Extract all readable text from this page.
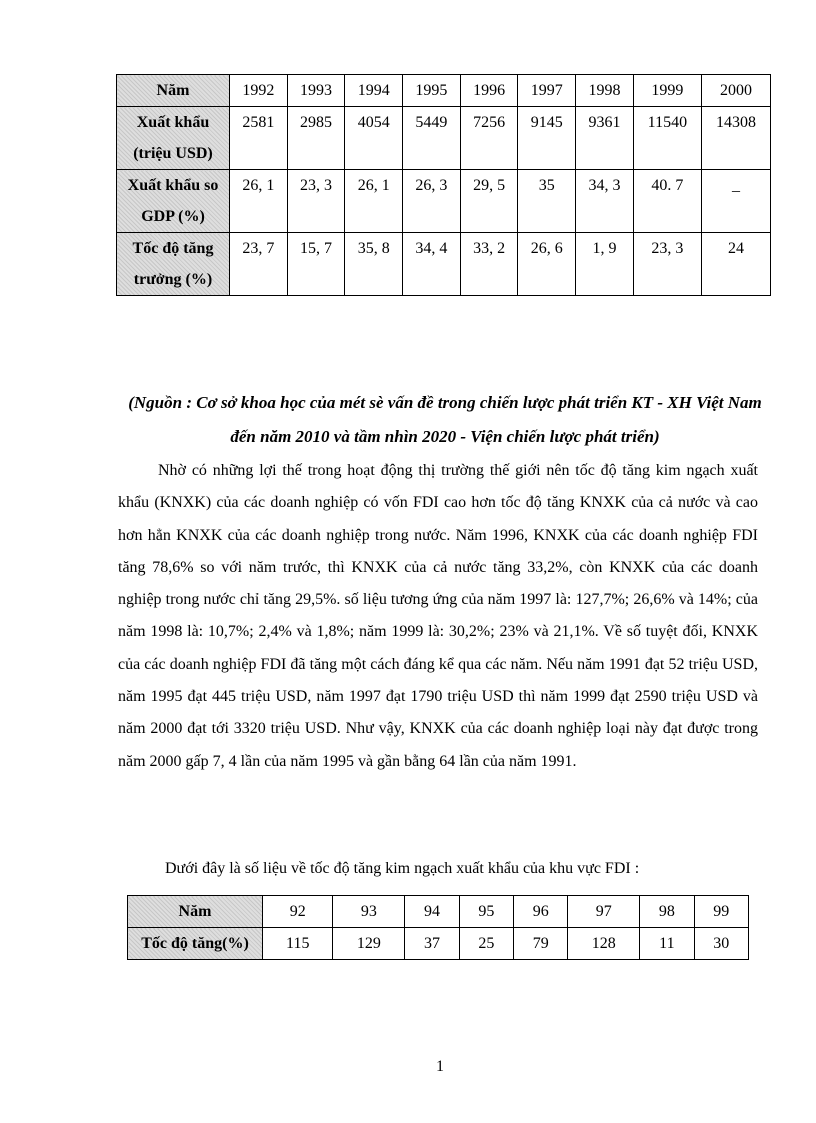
Năm	1992	1993	1994	1995	1996	1997	1998	1999	2000
Xuất khẩu (triệu USD)	2581	2985	4054	5449	7256	9145	9361	11540	14308
Xuất khẩu so GDP (%)	26, 1	23, 3	26, 1	26, 3	29, 5	35	34, 3	40. 7	_
Tốc độ tăng trưởng (%)	23, 7	15, 7	35, 8	34, 4	33, 2	26, 6	1, 9	23, 3	24
(Nguồn : Cơ sở khoa học của mét sè vấn đề trong chiến lược phát triển KT - XH Việt Nam đến năm 2010 và tầm nhìn 2020 - Viện chiến lược phát triển)

Nhờ có những lợi thế trong hoạt động thị trường thế giới nên tốc độ tăng kim ngạch xuất khẩu (KNXK) của các doanh nghiệp có vốn FDI cao hơn tốc độ tăng KNXK của cả nước và cao hơn hẳn KNXK của các doanh nghiệp trong nước. Năm 1996, KNXK của các doanh nghiệp FDI tăng 78,6% so với năm trước, thì KNXK của cả nước tăng 33,2%, còn KNXK của các doanh nghiệp trong nước chỉ tăng 29,5%. số liệu tương ứng của năm 1997 là: 127,7%; 26,6% và 14%; của năm 1998 là: 10,7%; 2,4% và 1,8%; năm 1999 là: 30,2%; 23% và 21,1%. Về số tuyệt đối, KNXK của các doanh nghiệp FDI đã tăng một cách đáng kể qua các năm. Nếu năm 1991 đạt 52 triệu USD, năm 1995 đạt 445 triệu USD, năm 1997 đạt 1790 triệu USD thì năm 1999 đạt 2590 triệu USD và năm 2000 đạt tới 3320 triệu USD. Như vậy, KNXK của các doanh nghiệp loại này đạt được trong năm 2000 gấp 7, 4 lần của năm 1995 và gần bằng 64 lần của năm 1991.

Dưới đây là số liệu về tốc độ tăng kim ngạch xuất khẩu của khu vực FDI :

Năm	92	93	94	95	96	97	98	99
Tốc độ tăng(%)	115	129	37	25	79	128	11	30
1
